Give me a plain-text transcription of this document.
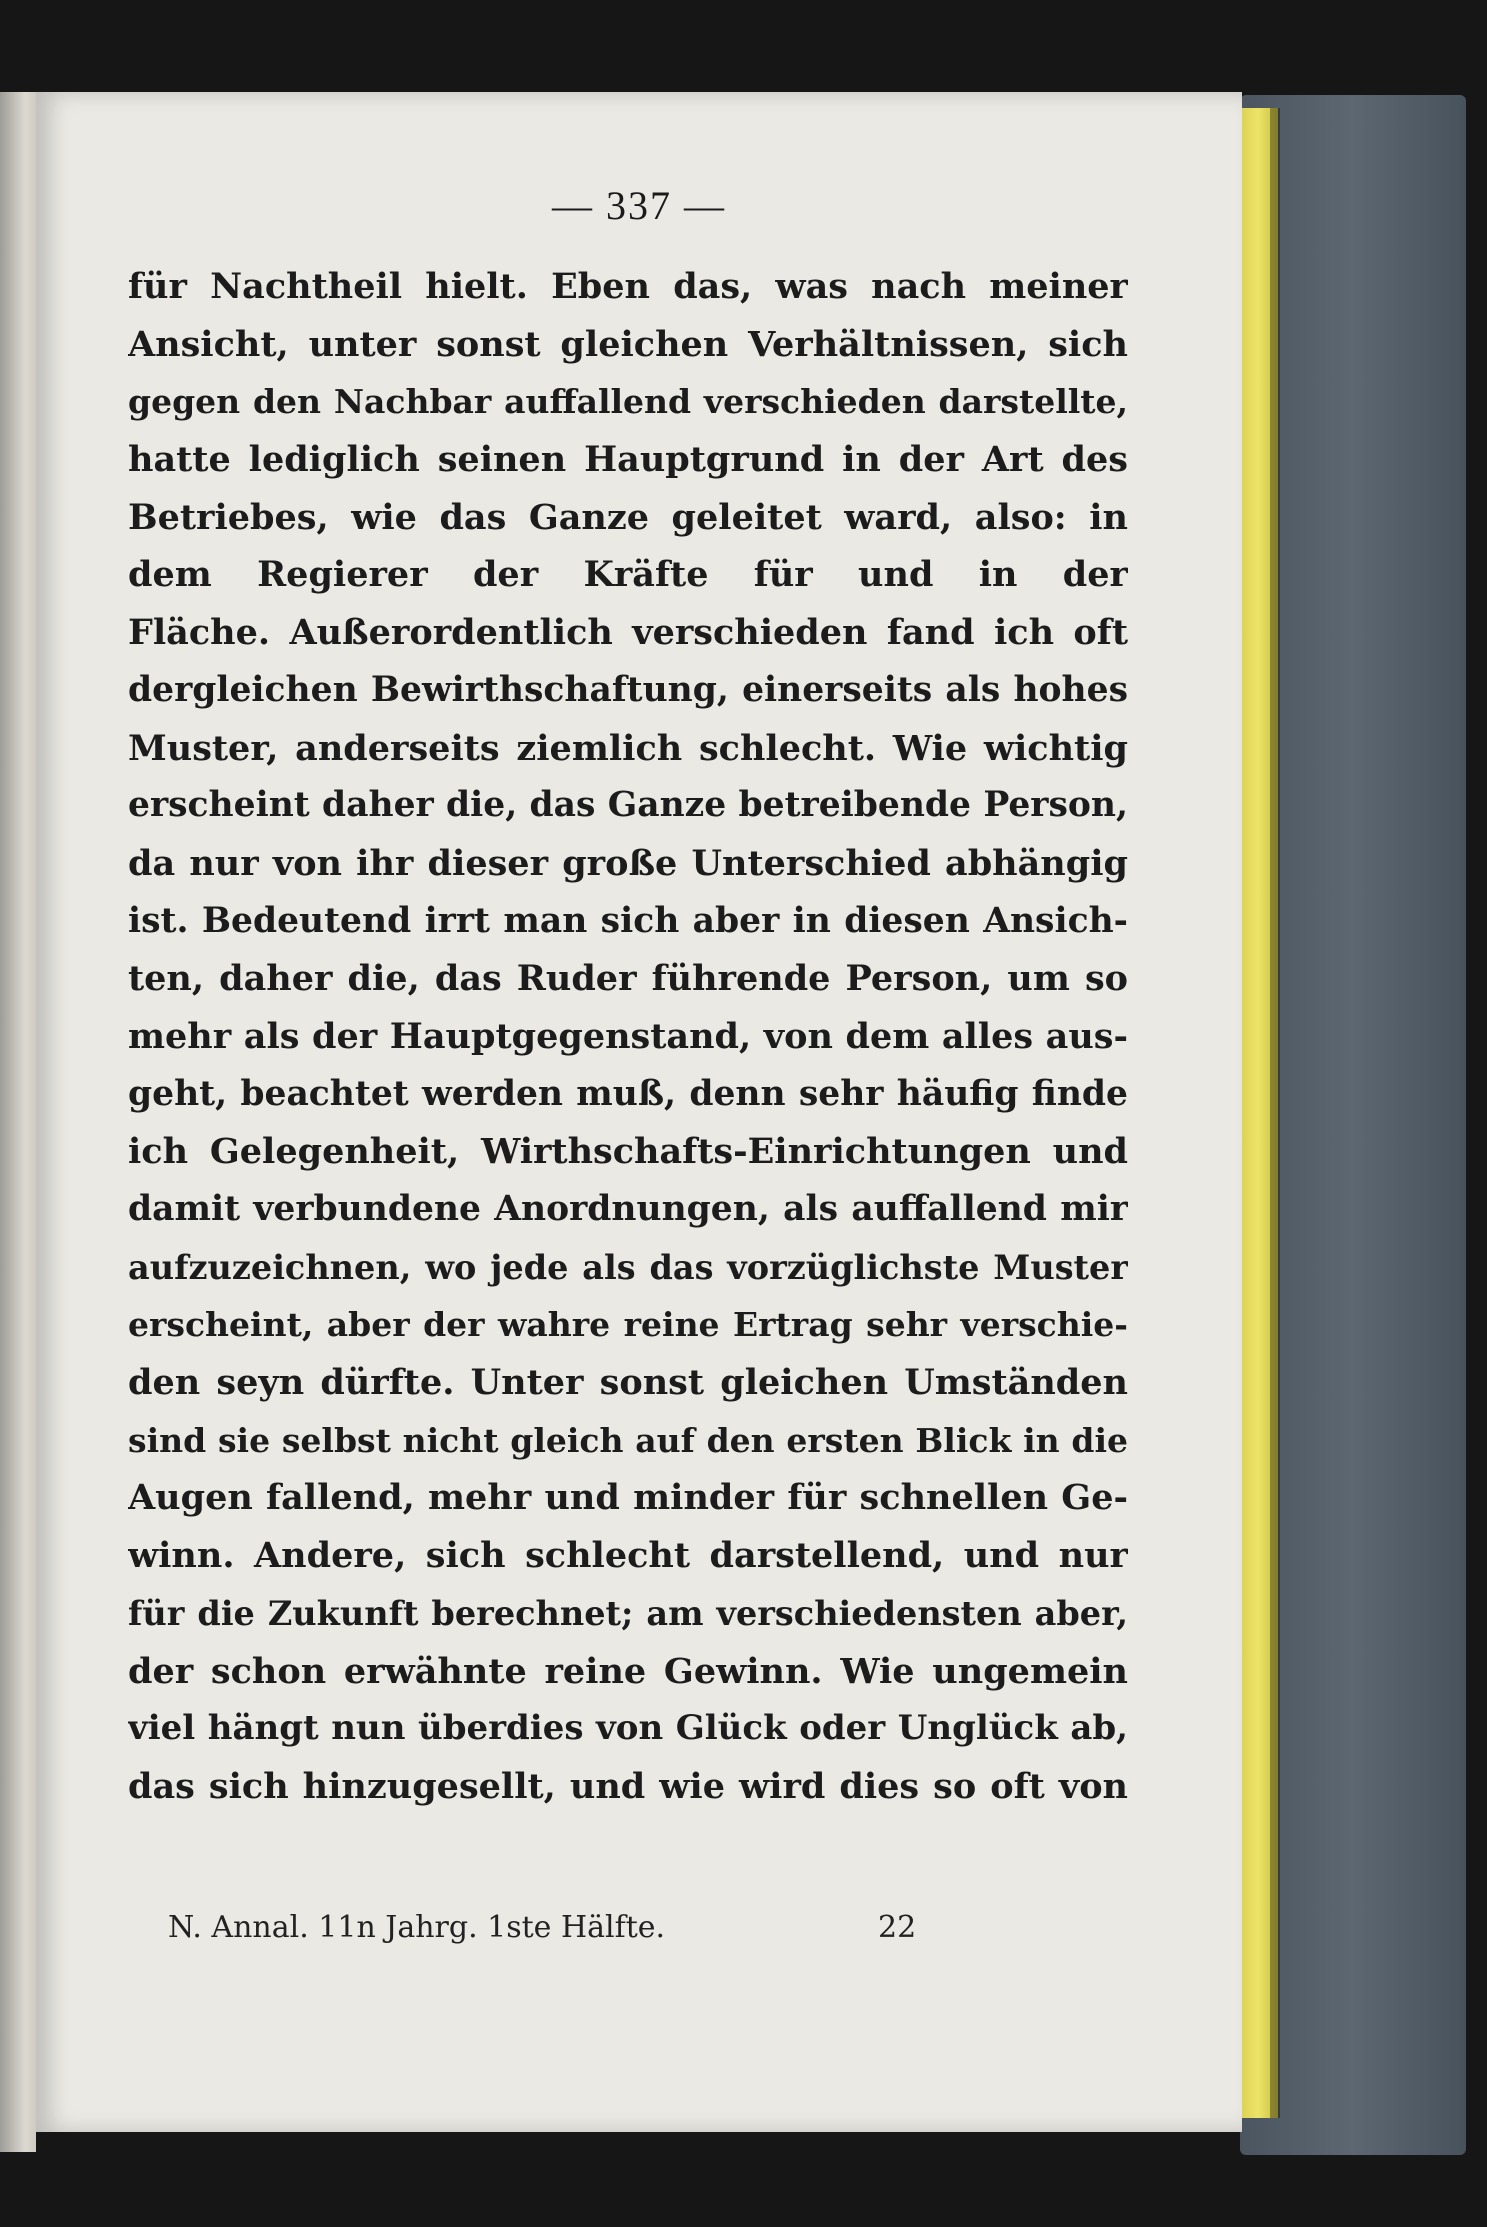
— 337 —
für Nachtheil hielt. Eben das, was nach meiner
Ansicht, unter sonst gleichen Verhältnissen, sich
gegen den Nachbar auffallend verschieden darstellte,
hatte lediglich seinen Hauptgrund in der Art des
Betriebes, wie das Ganze geleitet ward, also: in
dem Regierer der Kräfte für und in der
Fläche. Außerordentlich verschieden fand ich oft
dergleichen Bewirthschaftung, einerseits als hohes
Muster, anderseits ziemlich schlecht. Wie wichtig
erscheint daher die, das Ganze betreibende Person,
da nur von ihr dieser große Unterschied abhängig
ist. Bedeutend irrt man sich aber in diesen Ansich-
ten, daher die, das Ruder führende Person, um so
mehr als der Hauptgegenstand, von dem alles aus-
geht, beachtet werden muß, denn sehr häufig finde
ich Gelegenheit, Wirthschafts-Einrichtungen und
damit verbundene Anordnungen, als auffallend mir
aufzuzeichnen, wo jede als das vorzüglichste Muster
erscheint, aber der wahre reine Ertrag sehr verschie-
den seyn dürfte. Unter sonst gleichen Umständen
sind sie selbst nicht gleich auf den ersten Blick in die
Augen fallend, mehr und minder für schnellen Ge-
winn. Andere, sich schlecht darstellend, und nur
für die Zukunft berechnet; am verschiedensten aber,
der schon erwähnte reine Gewinn. Wie ungemein
viel hängt nun überdies von Glück oder Unglück ab,
das sich hinzugesellt, und wie wird dies so oft von
N. Annal. 11n Jahrg. 1ste Hälfte.	22
